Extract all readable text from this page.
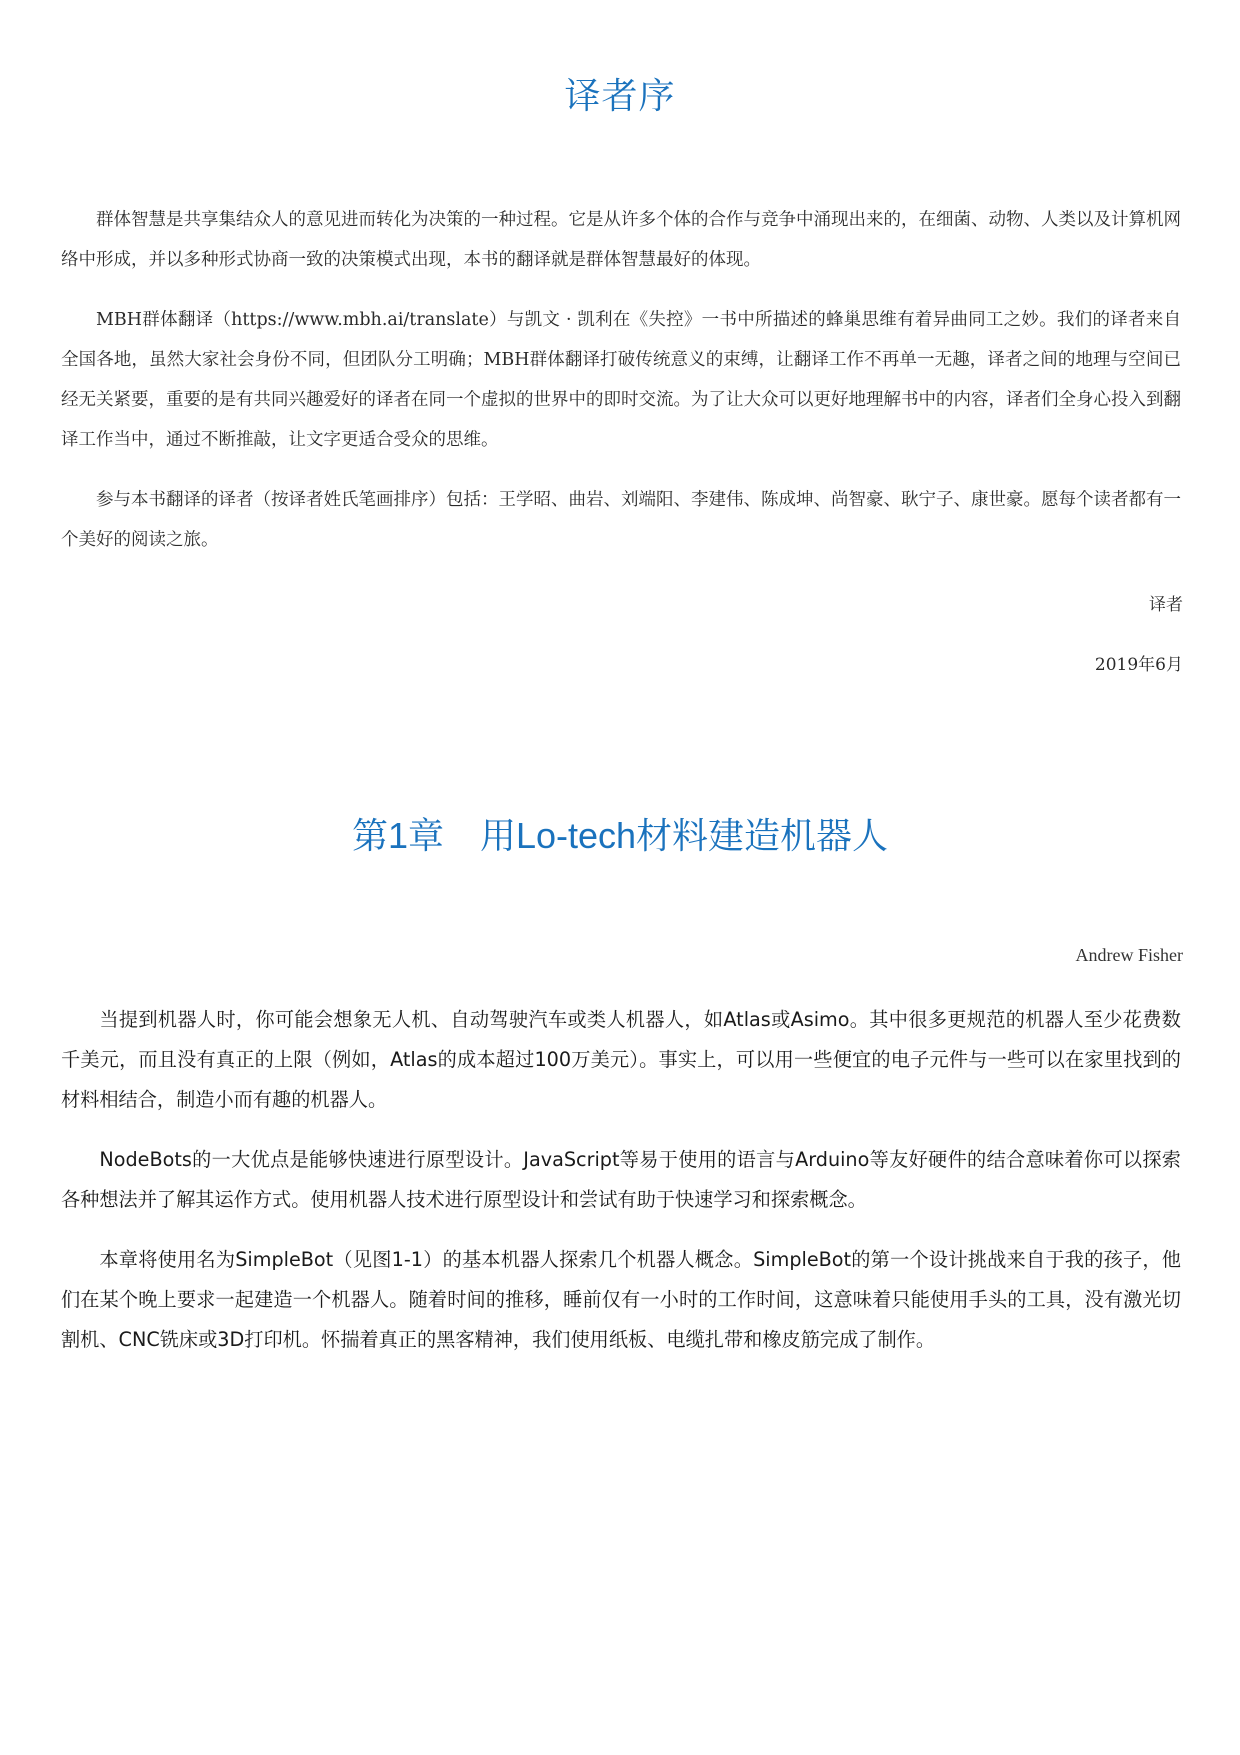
译者序

群体智慧是共享集结众人的意见进而转化为决策的一种过程。它是从许多个体的合作与竞争中涌现出来的，在细菌、动物、人类以及计算机网络中形成，并以多种形式协商一致的决策模式出现，本书的翻译就是群体智慧最好的体现。

MBH群体翻译（https://www.mbh.ai/translate）与凯文 · 凯利在《失控》一书中所描述的蜂巢思维有着异曲同工之妙。我们的译者来自全国各地，虽然大家社会身份不同，但团队分工明确；MBH群体翻译打破传统意义的束缚，让翻译工作不再单一无趣，译者之间的地理与空间已经无关紧要，重要的是有共同兴趣爱好的译者在同一个虚拟的世界中的即时交流。为了让大众可以更好地理解书中的内容，译者们全身心投入到翻译工作当中，通过不断推敲，让文字更适合受众的思维。

参与本书翻译的译者（按译者姓氏笔画排序）包括：王学昭、曲岩、刘端阳、李建伟、陈成坤、尚智豪、耿宁子、康世豪。愿每个读者都有一个美好的阅读之旅。

译者
2019年6月
第1章 用Lo-tech材料建造机器人
Andrew Fisher

当提到机器人时，你可能会想象无人机、自动驾驶汽车或类人机器人，如Atlas或Asimo。其中很多更规范的机器人至少花费数千美元，而且没有真正的上限（例如，Atlas的成本超过100万美元）。事实上，可以用一些便宜的电子元件与一些可以在家里找到的材料相结合，制造小而有趣的机器人。

NodeBots的一大优点是能够快速进行原型设计。JavaScript等易于使用的语言与Arduino等友好硬件的结合意味着你可以探索各种想法并了解其运作方式。使用机器人技术进行原型设计和尝试有助于快速学习和探索概念。

本章将使用名为SimpleBot（见图1-1）的基本机器人探索几个机器人概念。SimpleBot的第一个设计挑战来自于我的孩子，他们在某个晚上要求一起建造一个机器人。随着时间的推移，睡前仅有一小时的工作时间，这意味着只能使用手头的工具，没有激光切割机、CNC铣床或3D打印机。怀揣着真正的黑客精神，我们使用纸板、电缆扎带和橡皮筋完成了制作。
